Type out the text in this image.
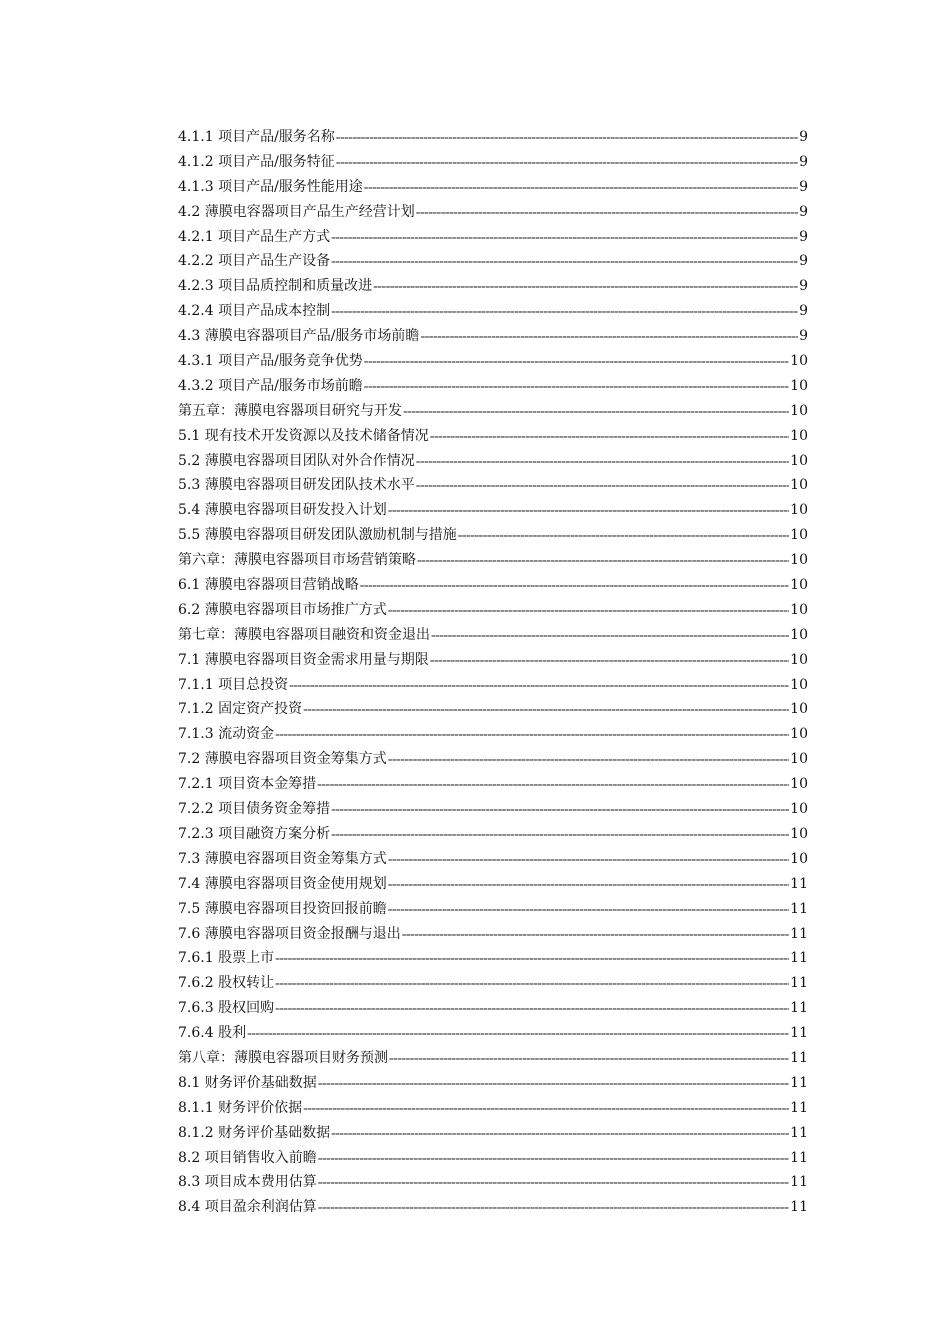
4.1.1 项目产品/服务名称 -----	9
4.1.2 项目产品/服务特征 -----	9
4.1.3 项目产品/服务性能用途 -----	9
4.2 薄膜电容器项目产品生产经营计划 -----	9
4.2.1 项目产品生产方式 -----	9
4.2.2 项目产品生产设备 -----	9
4.2.3 项目品质控制和质量改进 -----	9
4.2.4 项目产品成本控制 -----	9
4.3 薄膜电容器项目产品/服务市场前瞻 -----	9
4.3.1 项目产品/服务竞争优势 -----	10
4.3.2 项目产品/服务市场前瞻 -----	10
第五章：薄膜电容器项目研究与开发 -----	10
5.1 现有技术开发资源以及技术储备情况 -----	10
5.2 薄膜电容器项目团队对外合作情况 -----	10
5.3 薄膜电容器项目研发团队技术水平 -----	10
5.4 薄膜电容器项目研发投入计划 -----	10
5.5 薄膜电容器项目研发团队激励机制与措施 -----	10
第六章：薄膜电容器项目市场营销策略 -----	10
6.1 薄膜电容器项目营销战略 -----	10
6.2 薄膜电容器项目市场推广方式 -----	10
第七章：薄膜电容器项目融资和资金退出 -----	10
7.1 薄膜电容器项目资金需求用量与期限 -----	10
7.1.1 项目总投资 -----	10
7.1.2 固定资产投资 -----	10
7.1.3 流动资金 -----	10
7.2 薄膜电容器项目资金筹集方式 -----	10
7.2.1 项目资本金筹措 -----	10
7.2.2 项目债务资金筹措 -----	10
7.2.3 项目融资方案分析 -----	10
7.3 薄膜电容器项目资金筹集方式 -----	10
7.4 薄膜电容器项目资金使用规划 -----	11
7.5 薄膜电容器项目投资回报前瞻 -----	11
7.6 薄膜电容器项目资金报酬与退出 -----	11
7.6.1 股票上市 -----	11
7.6.2 股权转让 -----	11
7.6.3 股权回购 -----	11
7.6.4 股利 -----	11
第八章：薄膜电容器项目财务预测 -----	11
8.1 财务评价基础数据 -----	11
8.1.1 财务评价依据 -----	11
8.1.2 财务评价基础数据 -----	11
8.2 项目销售收入前瞻 -----	11
8.3 项目成本费用估算 -----	11
8.4 项目盈余利润估算 -----	11
